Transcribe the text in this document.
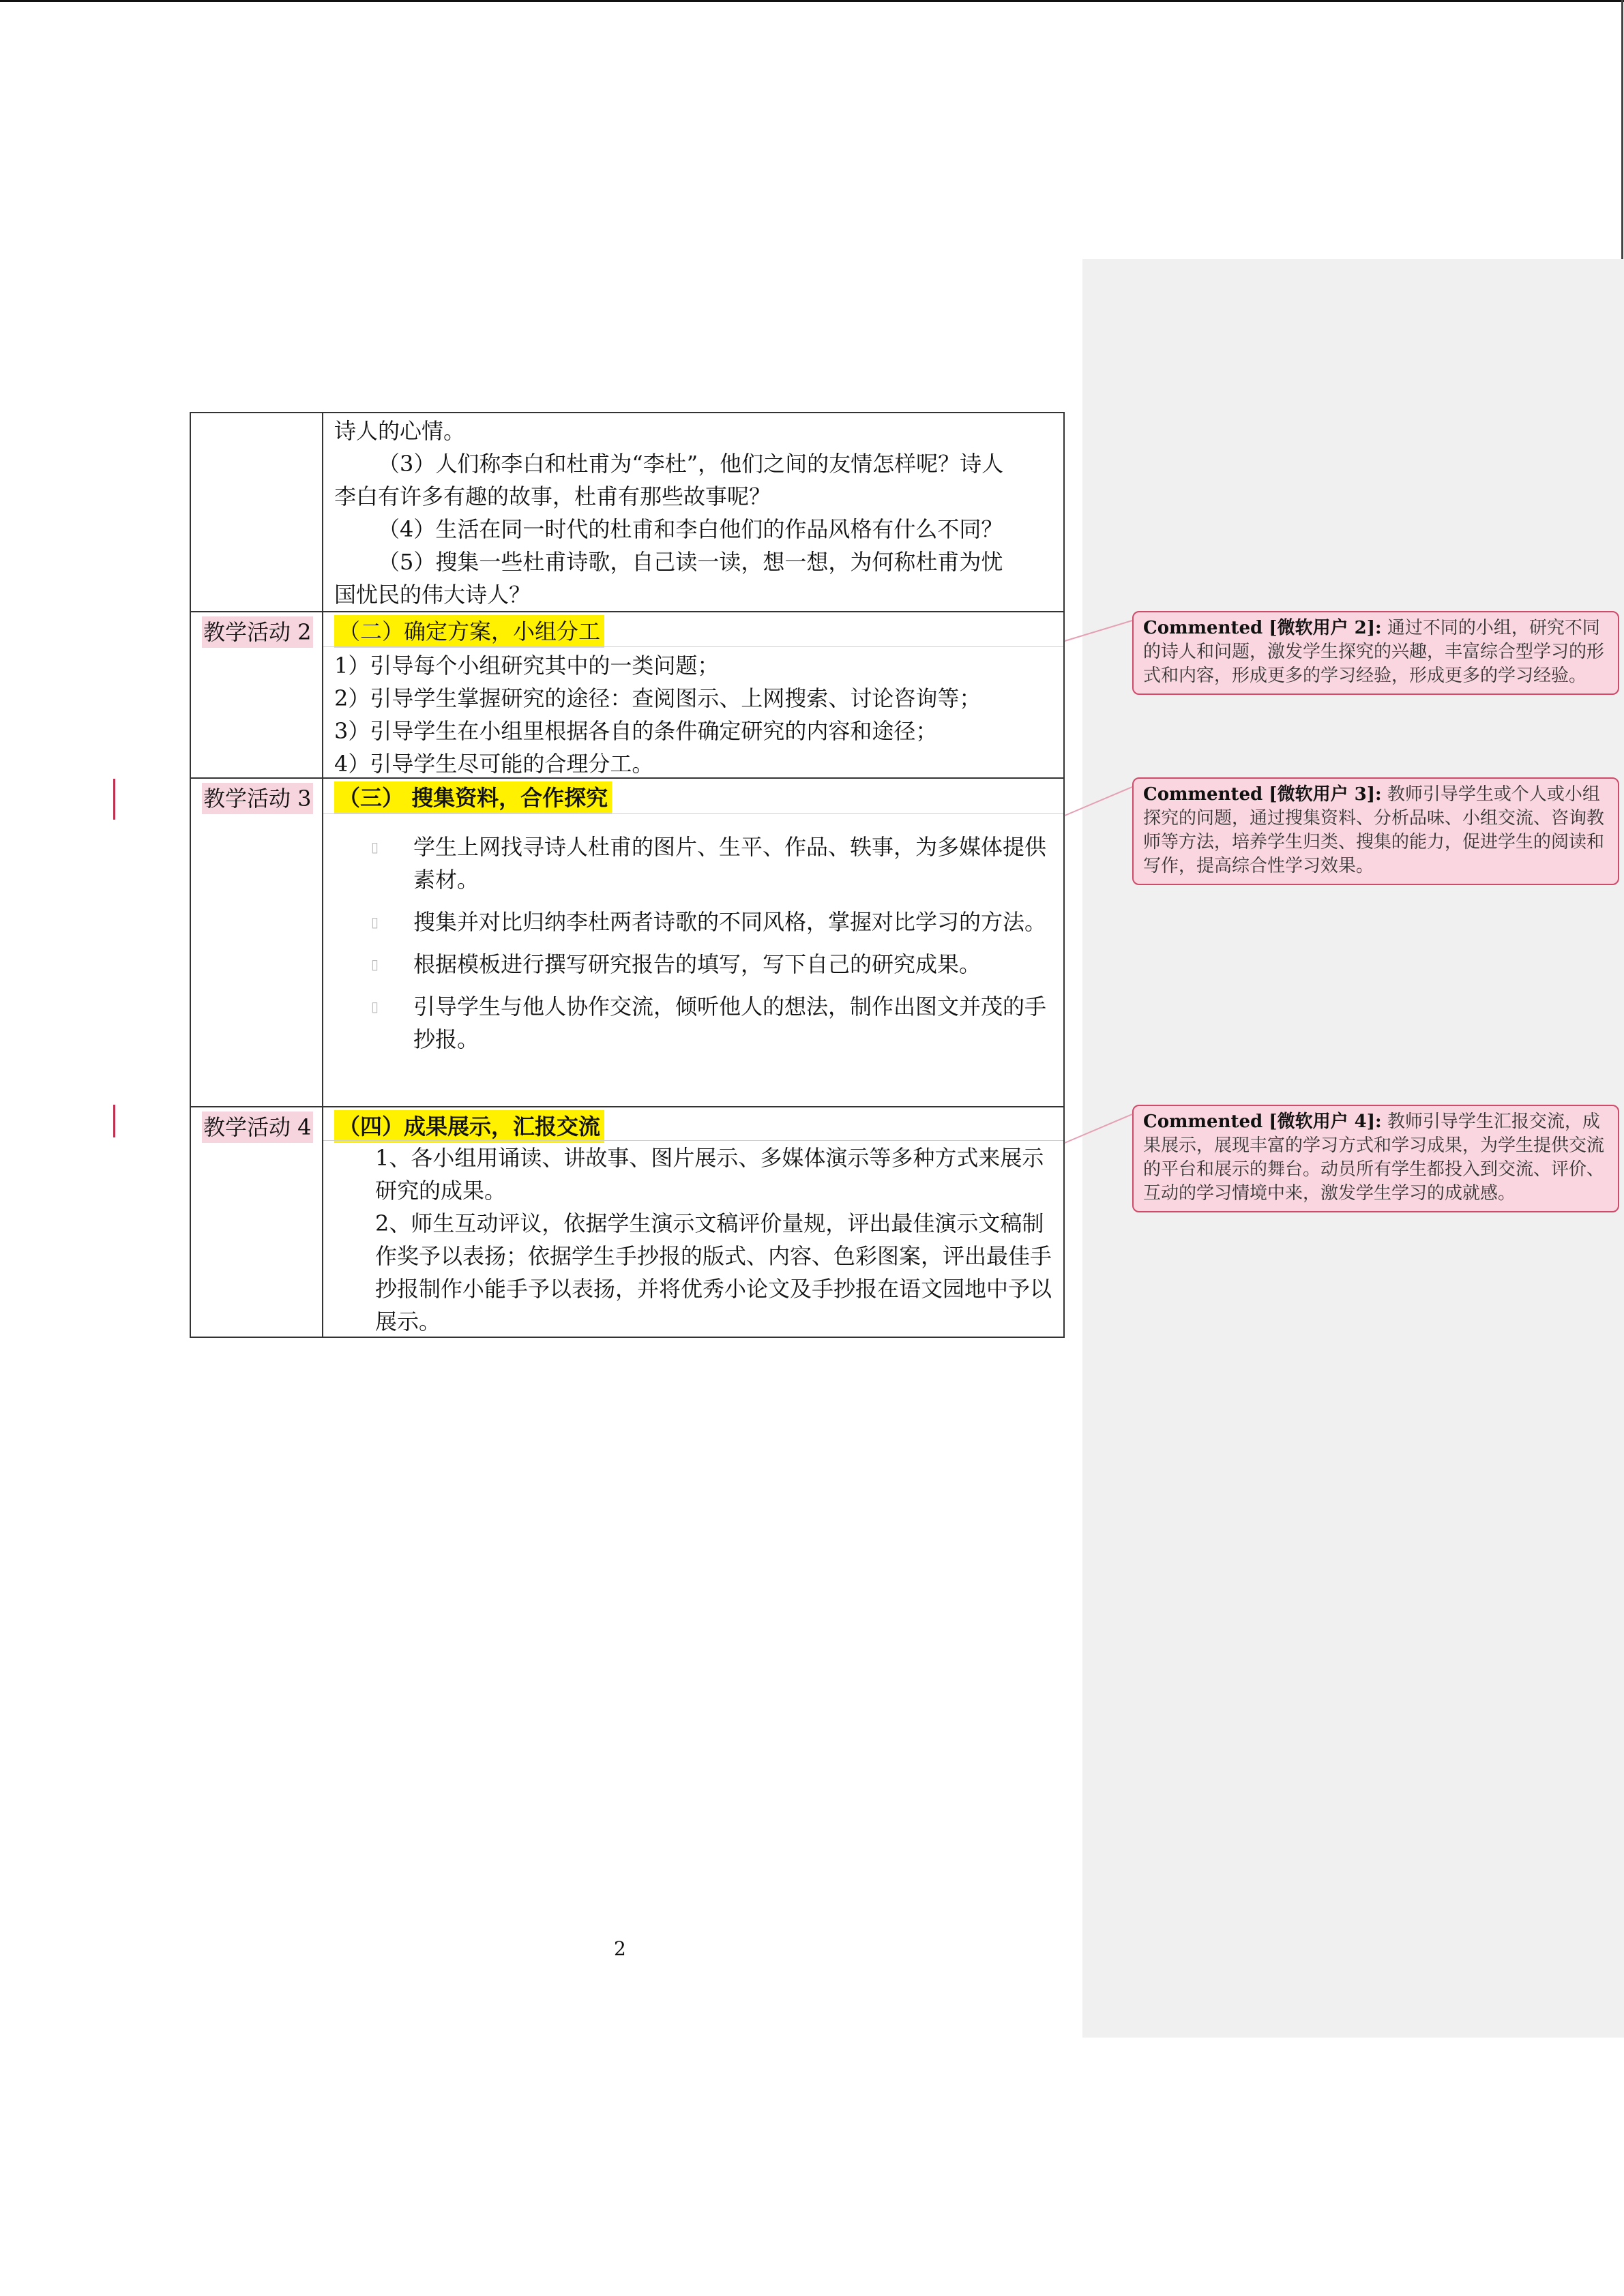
诗人的心情。

（3）人们称李白和杜甫为“李杜”，他们之间的友情怎样呢？诗人

李白有许多有趣的故事，杜甫有那些故事呢？

（4）生活在同一时代的杜甫和李白他们的作品风格有什么不同？

（5）搜集一些杜甫诗歌，自己读一读，想一想，为何称杜甫为忧

国忧民的伟大诗人？

教学活动 2	（二）确定方案，小组分工

1）引导每个小组研究其中的一类问题；

2）引导学生掌握研究的途径：查阅图示、上网搜索、讨论咨询等；

3）引导学生在小组里根据各自的条件确定研究的内容和途径；

4）引导学生尽可能的合理分工。

教学活动 3	（三） 搜集资料，合作探究
▯	学生上网找寻诗人杜甫的图片、生平、作品、轶事，为多媒体提供素材。
▯	搜集并对比归纳李杜两者诗歌的不同风格，掌握对比学习的方法。
▯	根据模板进行撰写研究报告的填写，写下自己的研究成果。
▯	引导学生与他人协作交流，倾听他人的想法，制作出图文并茂的手抄报。
教学活动 4	（四）成果展示，汇报交流

1、各小组用诵读、讲故事、图片展示、多媒体演示等多种方式来展示研究的成果。

2、师生互动评议，依据学生演示文稿评价量规，评出最佳演示文稿制作奖予以表扬；依据学生手抄报的版式、内容、色彩图案，评出最佳手抄报制作小能手予以表扬，并将优秀小论文及手抄报在语文园地中予以展示。

Commented [微软用户 2]: 通过不同的小组，研究不同的诗人和问题，激发学生探究的兴趣，丰富综合型学习的形式和内容，形成更多的学习经验，形成更多的学习经验。
Commented [微软用户 3]: 教师引导学生或个人或小组探究的问题，通过搜集资料、分析品味、小组交流、咨询教师等方法，培养学生归类、搜集的能力，促进学生的阅读和写作，提高综合性学习效果。
Commented [微软用户 4]: 教师引导学生汇报交流，成果展示，展现丰富的学习方式和学习成果，为学生提供交流的平台和展示的舞台。动员所有学生都投入到交流、评价、互动的学习情境中来，激发学生学习的成就感。
2
